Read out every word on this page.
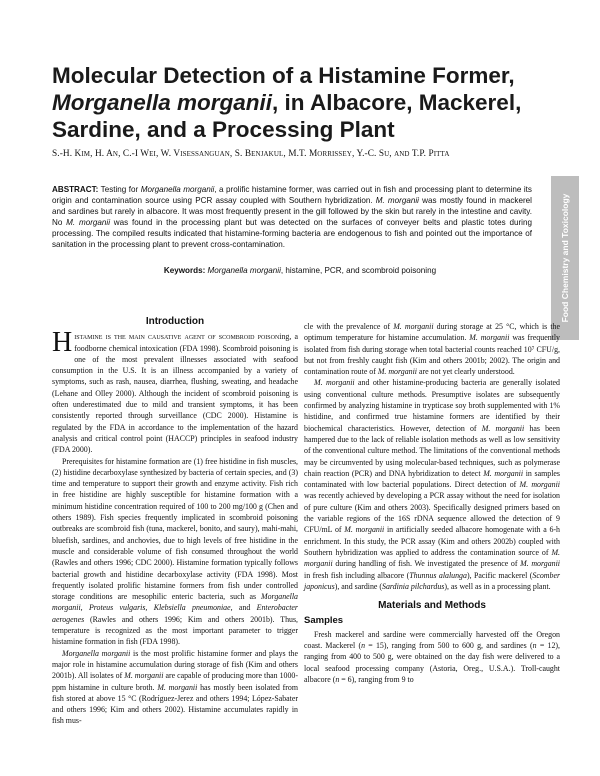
Molecular Detection of a Histamine Former,
Morganella morganii, in Albacore, Mackerel,
Sardine, and a Processing Plant
S.-H. Kim, H. An, C.-I Wei, W. Visessanguan, S. Benjakul, M.T. Morrissey, Y.-C. Su, and T.P. Pitta
Food Chemistry and Toxicology

ABSTRACT: Testing for Morganella morganii, a prolific histamine former, was carried out in fish and processing plant to determine its origin and contamination source using PCR assay coupled with Southern hybridization. M. morganii was mostly found in mackerel and sardines but rarely in albacore. It was most frequently present in the gill followed by the skin but rarely in the intestine and cavity. No M. morganii was found in the processing plant but was detected on the surfaces of conveyer belts and plastic totes during processing. The compiled results indicated that histamine-forming bacteria are endogenous to fish and pointed out the importance of sanitation in the processing plant to prevent cross-contamination.

Keywords: Morganella morganii, histamine, PCR, and scombroid poisoning
Introduction

Histamine is the main causative agent of scombroid poisoning, a foodborne chemical intoxication (FDA 1998). Scombroid poisoning is one of the most prevalent illnesses associated with seafood consumption in the U.S. It is an illness accompanied by a variety of symptoms, such as rash, nausea, diarrhea, flushing, sweating, and headache (Lehane and Olley 2000). Although the incident of scombroid poisoning is often underestimated due to mild and transient symptoms, it has been consistently reported through surveillance (CDC 2000). Histamine is regulated by the FDA in accordance to the implementation of the hazard analysis and critical control point (HACCP) principles in seafood industry (FDA 2000).

Prerequisites for histamine formation are (1) free histidine in fish muscles, (2) histidine decarboxylase synthesized by bacteria of certain species, and (3) time and temperature to support their growth and enzyme activity. Fish rich in free histidine are highly susceptible for histamine formation with a minimum histidine concentration required of 100 to 200 mg/100 g (Chen and others 1989). Fish species frequently implicated in scombroid poisoning outbreaks are scombroid fish (tuna, mackerel, bonito, and saury), mahi-mahi, bluefish, sardines, and anchovies, due to high levels of free histidine in the muscle and considerable volume of fish consumed throughout the world (Rawles and others 1996; CDC 2000). Histamine formation typically follows bacterial growth and histidine decarboxylase activity (FDA 1998). Most frequently isolated prolific histamine formers from fish under controlled storage conditions are mesophilic enteric bacteria, such as Morganella morganii, Proteus vulgaris, Klebsiella pneumoniae, and Enterobacter aerogenes (Rawles and others 1996; Kim and others 2001b). Thus, temperature is recognized as the most important parameter to trigger histamine formation in fish (FDA 1998).

Morganella morganii is the most prolific histamine former and plays the major role in histamine accumulation during storage of fish (Kim and others 2001b). All isolates of M. morganii are capable of producing more than 1000-ppm histamine in culture broth. M. morganii has mostly been isolated from fish stored at above 15 °C (Rodríguez-Jerez and others 1994; López-Sabater and others 1996; Kim and others 2002). Histamine accumulates rapidly in fish mus-

cle with the prevalence of M. morganii during storage at 25 °C, which is the optimum temperature for histamine accumulation. M. morganii was frequently isolated from fish during storage when total bacterial counts reached 10⁷ CFU/g, but not from freshly caught fish (Kim and others 2001b; 2002). The origin and contamination route of M. morganii are not yet clearly understood.

M. morganii and other histamine-producing bacteria are generally isolated using conventional culture methods. Presumptive isolates are subsequently confirmed by analyzing histamine in trypticase soy broth supplemented with 1% histidine, and confirmed true histamine formers are identified by their biochemical characteristics. However, detection of M. morganii has been hampered due to the lack of reliable isolation methods as well as low sensitivity of the conventional culture method. The limitations of the conventional methods may be circumvented by using molecular-based techniques, such as polymerase chain reaction (PCR) and DNA hybridization to detect M. morganii in samples contaminated with low bacterial populations. Direct detection of M. morganii was recently achieved by developing a PCR assay without the need for isolation of pure culture (Kim and others 2003). Specifically designed primers based on the variable regions of the 16S rDNA sequence allowed the detection of 9 CFU/mL of M. morganii in artificially seeded albacore homogenate with a 6-h enrichment. In this study, the PCR assay (Kim and others 2002b) coupled with Southern hybridization was applied to address the contamination source of M. morganii during handling of fish. We investigated the presence of M. morganii in fresh fish including albacore (Thunnus alalunga), Pacific mackerel (Scomber japonicus), and sardine (Sardinia pilchardus), as well as in a processing plant.

Materials and Methods
Samples

Fresh mackerel and sardine were commercially harvested off the Oregon coast. Mackerel (n = 15), ranging from 500 to 600 g, and sardines (n = 12), ranging from 400 to 500 g, were obtained on the day fish were delivered to a local seafood processing company (Astoria, Oreg., U.S.A.). Troll-caught albacore (n = 6), ranging from 9 to
